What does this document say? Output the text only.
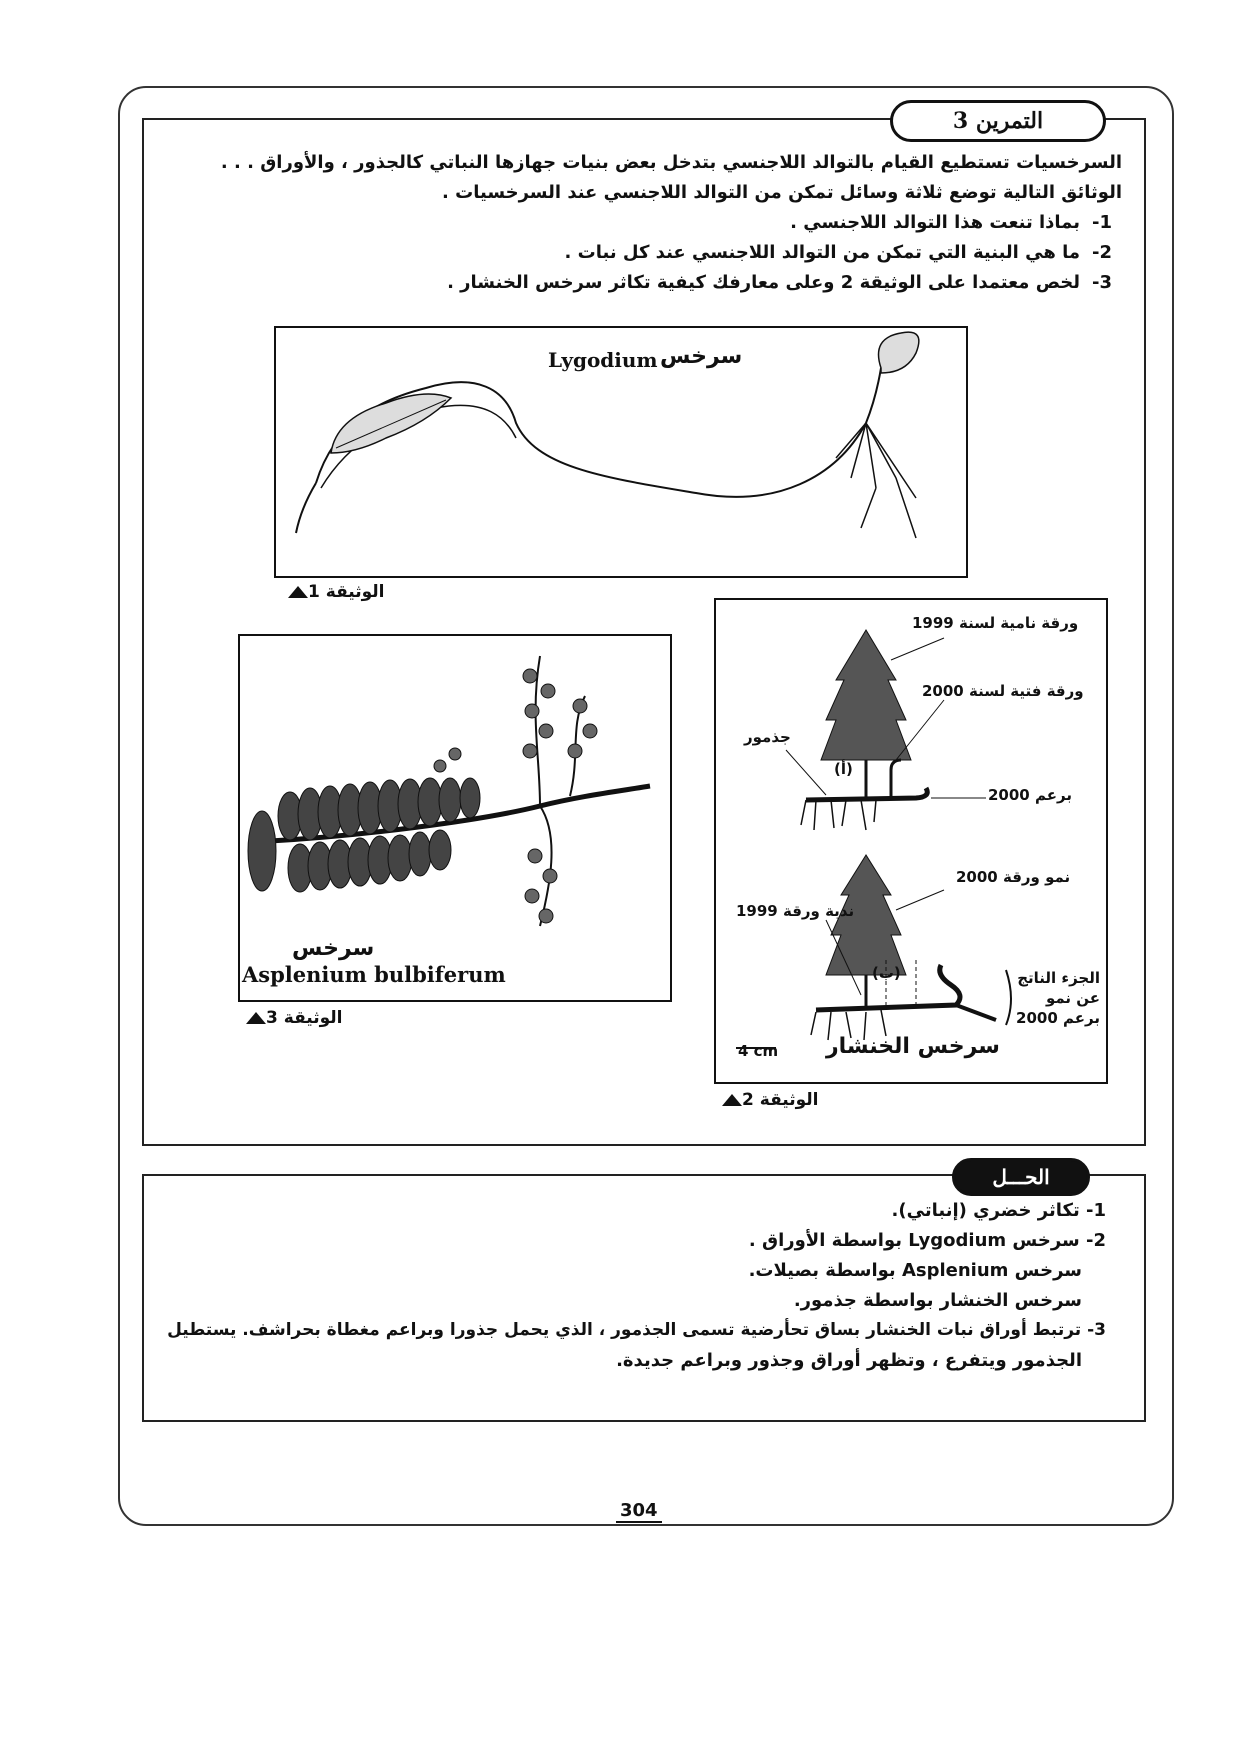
التمرين 3
السرخسيات تستطيع القيام بالتوالد اللاجنسي بتدخل بعض بنيات جهازها النباتي كالجذور ، والأوراق . . .
الوثائق التالية توضع ثلاثة وسائل تمكن من التوالد اللاجنسي عند السرخسيات .
1-بماذا تنعت هذا التوالد اللاجنسي .
2-ما هي البنية التي تمكن من التوالد اللاجنسي عند كل نبات .
3-لخص معتمدا على الوثيقة 2 وعلى معارفك كيفية تكاثر سرخس الخنشار .
Lygodium سرخس
الوثيقة 1
سرخس
Asplenium bulbiferum
الوثيقة 3
ورقة نامية لسنة 1999
ورقة فتية لسنة 2000
جذمور
(أ)
برعم 2000
نمو ورقة 2000
ندبة ورقة 1999
(ب)	الجزء الناتج عن نمو برعم 2000
4 cm سرخس الخنشار
الوثيقة 2
الحـــل
1- تكاثر خضري (إنباتي).
2- سرخس Lygodium بواسطة الأوراق .
سرخس Asplenium بواسطة بصيلات.
سرخس الخنشار بواسطة جذمور.
3- ترتبط أوراق نبات الخنشار بساق تحأرضية تسمى الجذمور ، الذي يحمل جذورا وبراعم مغطاة بحراشف. يستطيل
الجذمور ويتفرع ، وتظهر أوراق وجذور وبراعم جديدة.
304
